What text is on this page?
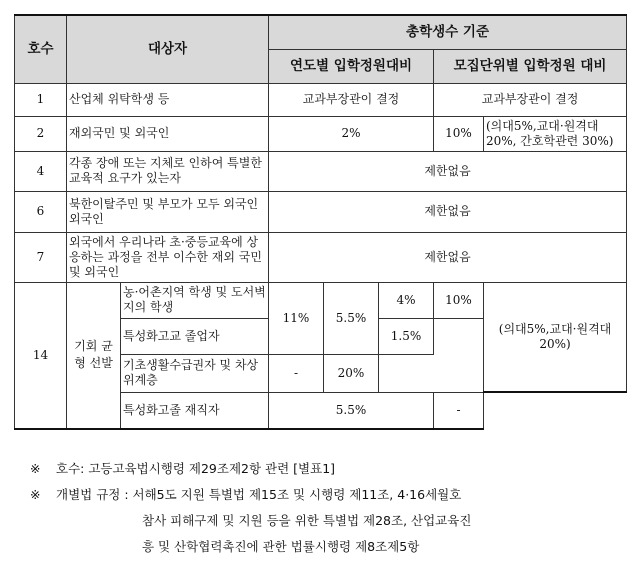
호수	대상자		총학생수 기준				
			연도별 입학정원대비			모집단위별 입학정원 대비	
1	산업체 위탁학생 등		교과부장관이 결정			교과부장관이 결정	
2	재외국민 및 외국인		2%			10%	(의대5%,교대·원격대20%, 간호학관련 30%)
4	각종 장애 또는 지체로 인하여 특별한 교육적 요구가 있는자		제한없음				
6	북한이탈주민 및 부모가 모두 외국인 외국인		제한없음				
7	외국에서 우리나라 초·중등교육에 상응하는 과정을 전부 이수한 재외 국민 및 외국인		제한없음				
14	기회 균형 선발	농·어촌지역 학생 및 도서벽지의 학생	11%	5.5%	4%	10%	(의대5%,교대·원격대20%)

		특성화고교 졸업자			1.5%		
		기초생활수급권자 및 차상위계층	-	20%			
		특성화고졸 재직자	5.5%			-	
※ 호수: 고등고육법시행령 제29조제2항 관련 [별표1]
※ 개별법 규정 : 서해5도 지원 특별법 제15조 및 시행령 제11조, 4·16세월호
참사 피해구제 및 지원 등을 위한 특별법 제28조, 산업교육진
흥 및 산학협력촉진에 관한 법률시행령 제8조제5항
